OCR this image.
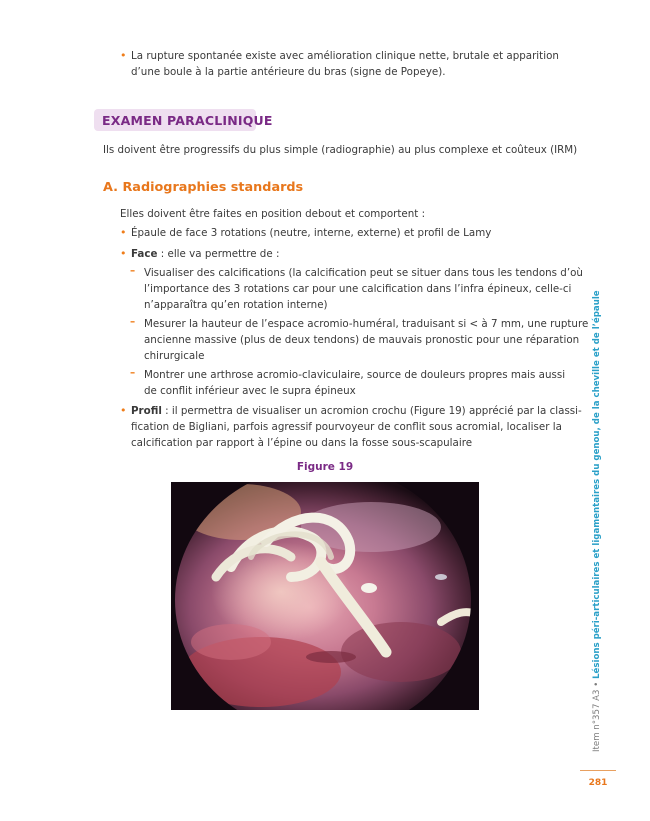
• La rupture spontanée existe avec amélioration clinique nette, brutale et apparition
d’une boule à la partie antérieure du bras (signe de Popeye).
EXAMEN PARACLINIQUE
Ils doivent être progressifs du plus simple (radiographie) au plus complexe et coûteux (IRM)
A. Radiographies standards
Elles doivent être faites en position debout et comportent :
• Épaule de face 3 rotations (neutre, interne, externe) et profil de Lamy
• Face : elle va permettre de :
– Visualiser des calcifications (la calcification peut se situer dans tous les tendons d’où
l’importance des 3 rotations car pour une calcification dans l’infra épineux, celle-ci
n’apparaîtra qu’en rotation interne)
– Mesurer la hauteur de l’espace acromio-huméral, traduisant si < à 7 mm, une rupture
ancienne massive (plus de deux tendons) de mauvais pronostic pour une réparation
chirurgicale
– Montrer une arthrose acromio-claviculaire, source de douleurs propres mais aussi
de conflit inférieur avec le supra épineux
• Profil : il permettra de visualiser un acromion crochu (Figure 19) apprécié par la classi-
fication de Bigliani, parfois agressif pourvoyeur de conflit sous acromial, localiser la
calcification par rapport à l’épine ou dans la fosse sous-scapulaire
Figure 19
Item n°357 A3 • Lésions péri-articulaires et ligamentaires du genou, de la cheville et de l’épaule
281
